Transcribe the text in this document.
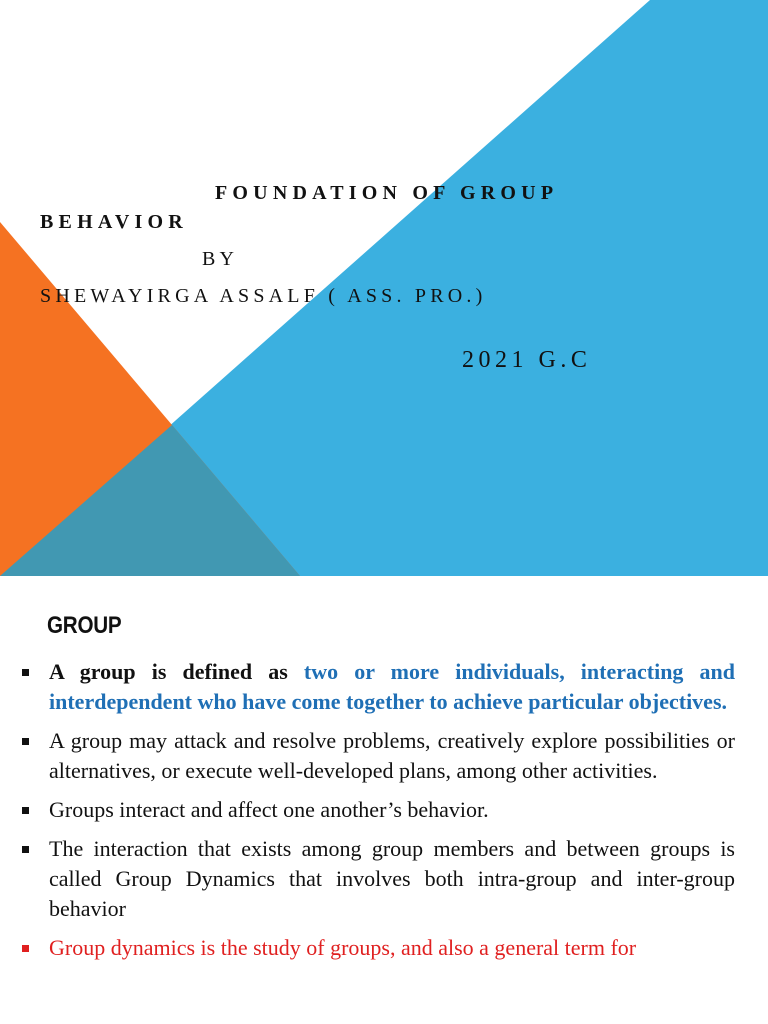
FOUNDATION OF GROUP
BEHAVIOR
BY
SHEWAYIRGA ASSALF ( ASS. PRO.)
2021 G.C
GROUP
A group is defined as two or more individuals, interacting and interdependent who have come together to achieve particular objectives.
A group may attack and resolve problems, creatively explore possibilities or alternatives, or execute well-developed plans, among other activities.
Groups interact and affect one another’s behavior.
The interaction that exists among group members and between groups is called Group Dynamics that involves both intra-group and inter-group behavior
Group dynamics is the study of groups, and also a general term for
